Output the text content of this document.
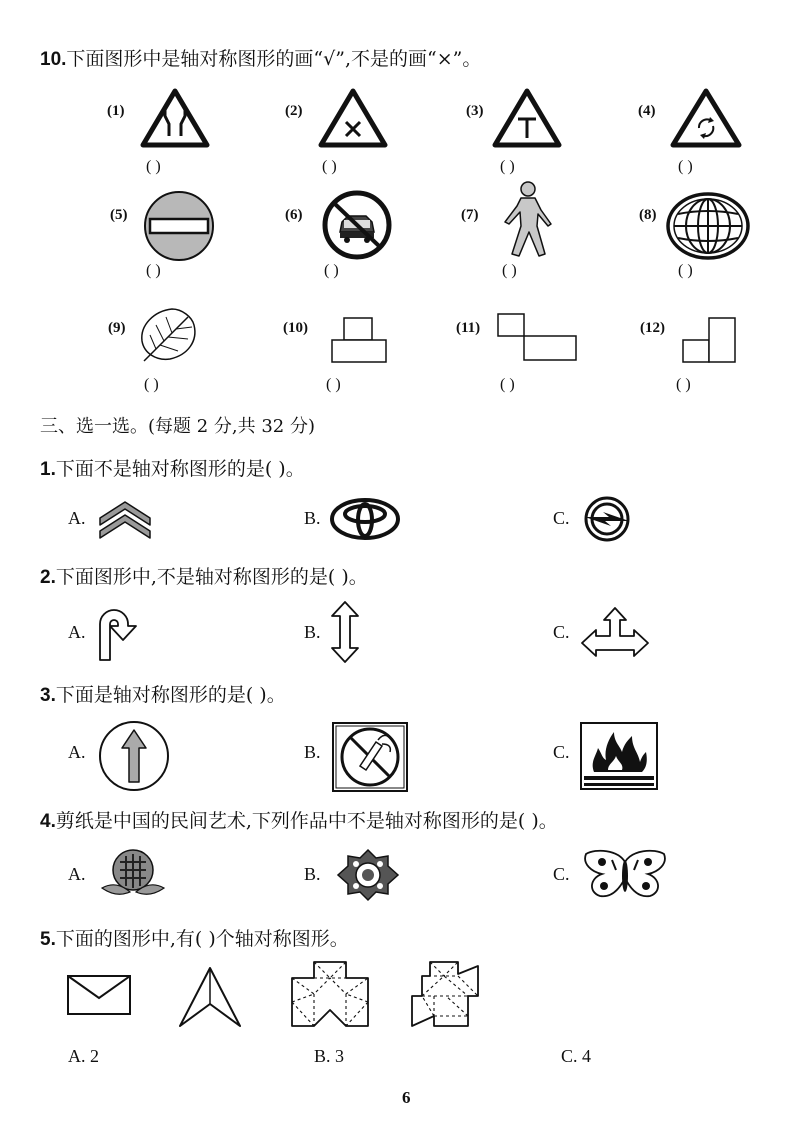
10.下面图形中是轴对称图形的画“√”,不是的画“×”。
(1)
( )
(2)
( )
(3)
( )
(4)
( )
(5)
( )
(6)
( )
(7)
( )
(8)
( )
(9)
( )
(10)
( )
(11)
( )
(12)
( )
三、选一选。(每题 2 分,共 32 分)
1.下面不是轴对称图形的是( )。
A.	B.	C.
2.下面图形中,不是轴对称图形的是( )。
A.	B.	C.
3.下面是轴对称图形的是( )。
A.	B.	C.
4.剪纸是中国的民间艺术,下列作品中不是轴对称图形的是( )。
A.	B.	C.
5.下面的图形中,有( )个轴对称图形。
A. 2	B. 3	C. 4
6
